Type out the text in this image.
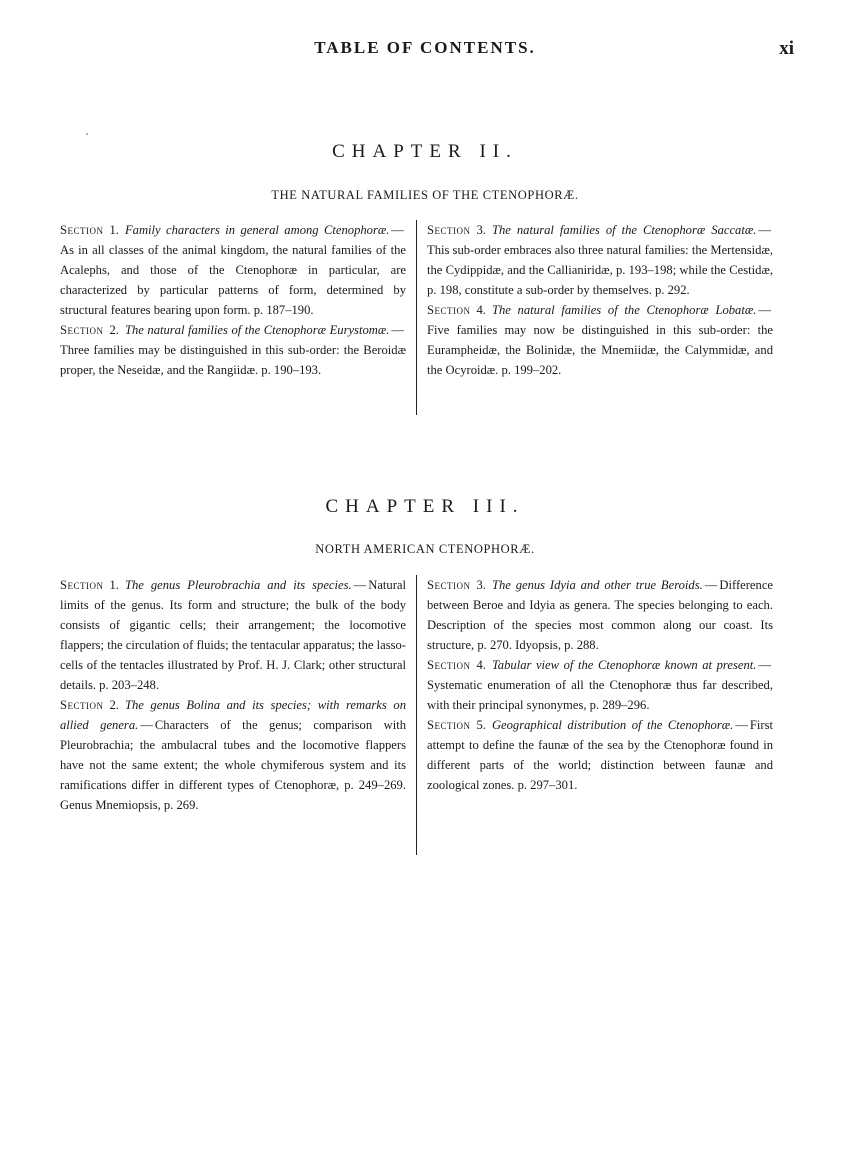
TABLE OF CONTENTS.	xi
CHAPTER II.
THE NATURAL FAMILIES OF THE CTENOPHORÆ.

Section 1. Family characters in general among Ctenophoræ. —As in all classes of the animal kingdom, the natural families of the Acalephs, and those of the Ctenophoræ in particular, are characterized by particular patterns of form, determined by structural features bearing upon form. p. 187–190.

Section 2. The natural families of the Ctenophoræ Eurystomæ. —Three families may be distinguished in this sub-order: the Beroidæ proper, the Neseidæ, and the Rangiidæ. p. 190–193.

Section 3. The natural families of the Ctenophoræ Saccatæ. —This sub-order embraces also three natural families: the Mertensidæ, the Cydippidæ, and the Callianiridæ, p. 193–198; while the Cestidæ, p. 198, constitute a sub-order by themselves. p. 292.

Section 4. The natural families of the Ctenophoræ Lobatæ. —Five families may now be distinguished in this sub-order: the Eurampheidæ, the Bolinidæ, the Mnemiidæ, the Calymmidæ, and the Ocyroidæ. p. 199–202.

CHAPTER III.
NORTH AMERICAN CTENOPHORÆ.

Section 1. The genus Pleurobrachia and its species. — Natural limits of the genus. Its form and structure; the bulk of the body consists of gigantic cells; their arrangement; the locomotive flappers; the circulation of fluids; the tentacular apparatus; the lasso-cells of the tentacles illustrated by Prof. H. J. Clark; other structural details. p. 203–248.

Section 2. The genus Bolina and its species; with remarks on allied genera. — Characters of the genus; comparison with Pleurobrachia; the ambulacral tubes and the locomotive flappers have not the same extent; the whole chymiferous system and its ramifications differ in different types of Ctenophoræ, p. 249–269. Genus Mnemiopsis, p. 269.

Section 3. The genus Idyia and other true Beroids. — Difference between Beroe and Idyia as genera. The species belonging to each. Description of the species most common along our coast. Its structure, p. 270. Idyopsis, p. 288.

Section 4. Tabular view of the Ctenophoræ known at present. —Systematic enumeration of all the Ctenophoræ thus far described, with their principal synonymes, p. 289–296.

Section 5. Geographical distribution of the Ctenophoræ. — First attempt to define the faunæ of the sea by the Ctenophoræ found in different parts of the world; distinction between faunæ and zoological zones. p. 297–301.
